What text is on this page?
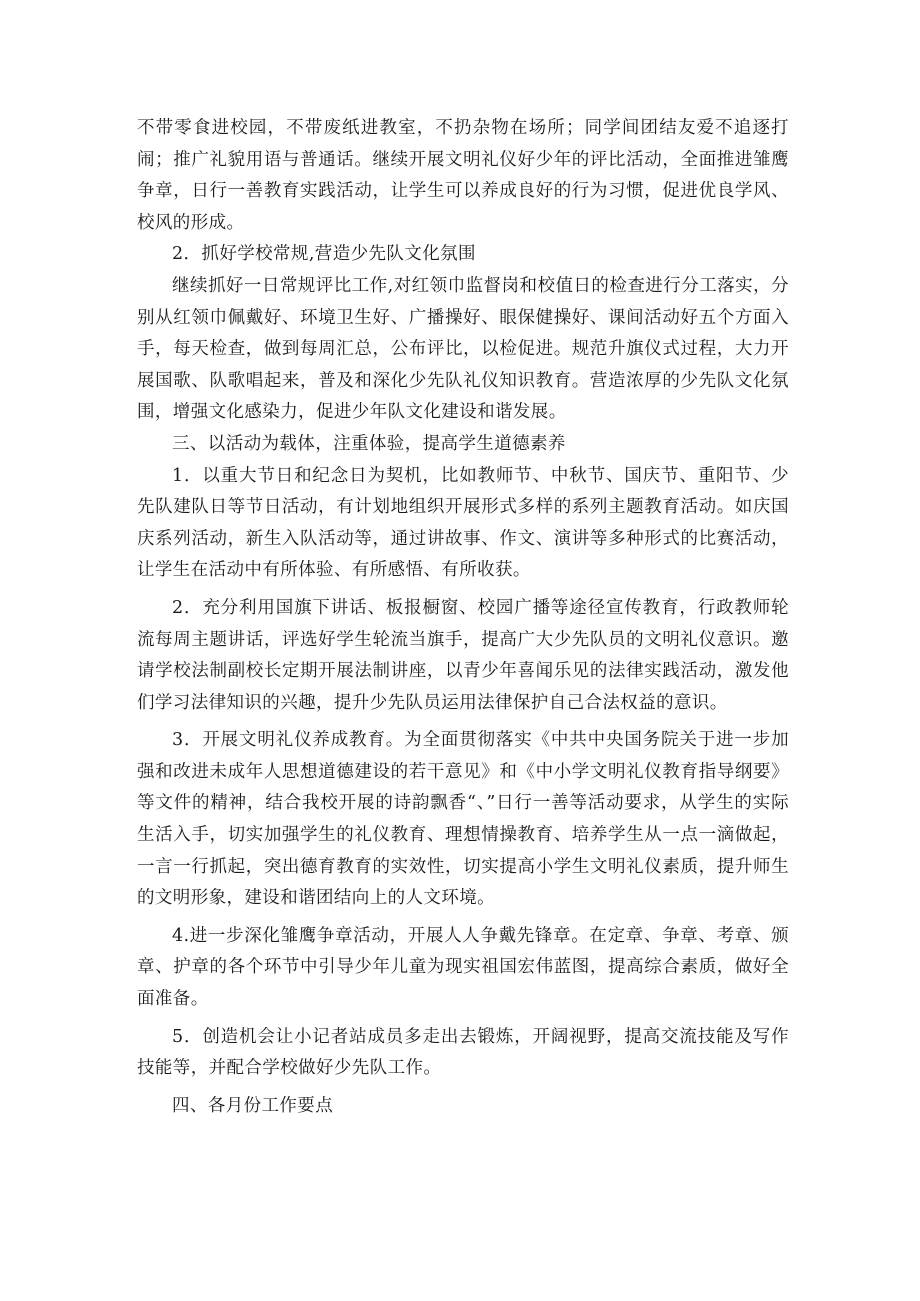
不带零食进校园，不带废纸进教室，不扔杂物在场所；同学间团结友爱不追逐打闹；推广礼貌用语与普通话。继续开展文明礼仪好少年的评比活动，全面推进雏鹰争章，日行一善教育实践活动，让学生可以养成良好的行为习惯，促进优良学风、校风的形成。

2．抓好学校常规,营造少先队文化氛围

继续抓好一日常规评比工作,对红领巾监督岗和校值日的检查进行分工落实，分别从红领巾佩戴好、环境卫生好、广播操好、眼保健操好、课间活动好五个方面入手，每天检查，做到每周汇总，公布评比，以检促进。规范升旗仪式过程，大力开展国歌、队歌唱起来，普及和深化少先队礼仪知识教育。营造浓厚的少先队文化氛围，增强文化感染力，促进少年队文化建设和谐发展。

三、以活动为载体，注重体验，提高学生道德素养

1．以重大节日和纪念日为契机，比如教师节、中秋节、国庆节、重阳节、少先队建队日等节日活动，有计划地组织开展形式多样的系列主题教育活动。如庆国庆系列活动，新生入队活动等，通过讲故事、作文、演讲等多种形式的比赛活动，让学生在活动中有所体验、有所感悟、有所收获。

2．充分利用国旗下讲话、板报橱窗、校园广播等途径宣传教育，行政教师轮流每周主题讲话，评选好学生轮流当旗手，提高广大少先队员的文明礼仪意识。邀请学校法制副校长定期开展法制讲座，以青少年喜闻乐见的法律实践活动，激发他们学习法律知识的兴趣，提升少先队员运用法律保护自己合法权益的意识。

3．开展文明礼仪养成教育。为全面贯彻落实《中共中央国务院关于进一步加强和改进未成年人思想道德建设的若干意见》和《中小学文明礼仪教育指导纲要》等文件的精神，结合我校开展的诗韵飘香“、”日行一善等活动要求，从学生的实际生活入手，切实加强学生的礼仪教育、理想情操教育、培养学生从一点一滴做起，一言一行抓起，突出德育教育的实效性，切实提高小学生文明礼仪素质，提升师生的文明形象，建设和谐团结向上的人文环境。

4.进一步深化雏鹰争章活动，开展人人争戴先锋章。在定章、争章、考章、颁章、护章的各个环节中引导少年儿童为现实祖国宏伟蓝图，提高综合素质，做好全面准备。

5．创造机会让小记者站成员多走出去锻炼，开阔视野，提高交流技能及写作技能等，并配合学校做好少先队工作。

四、各月份工作要点
